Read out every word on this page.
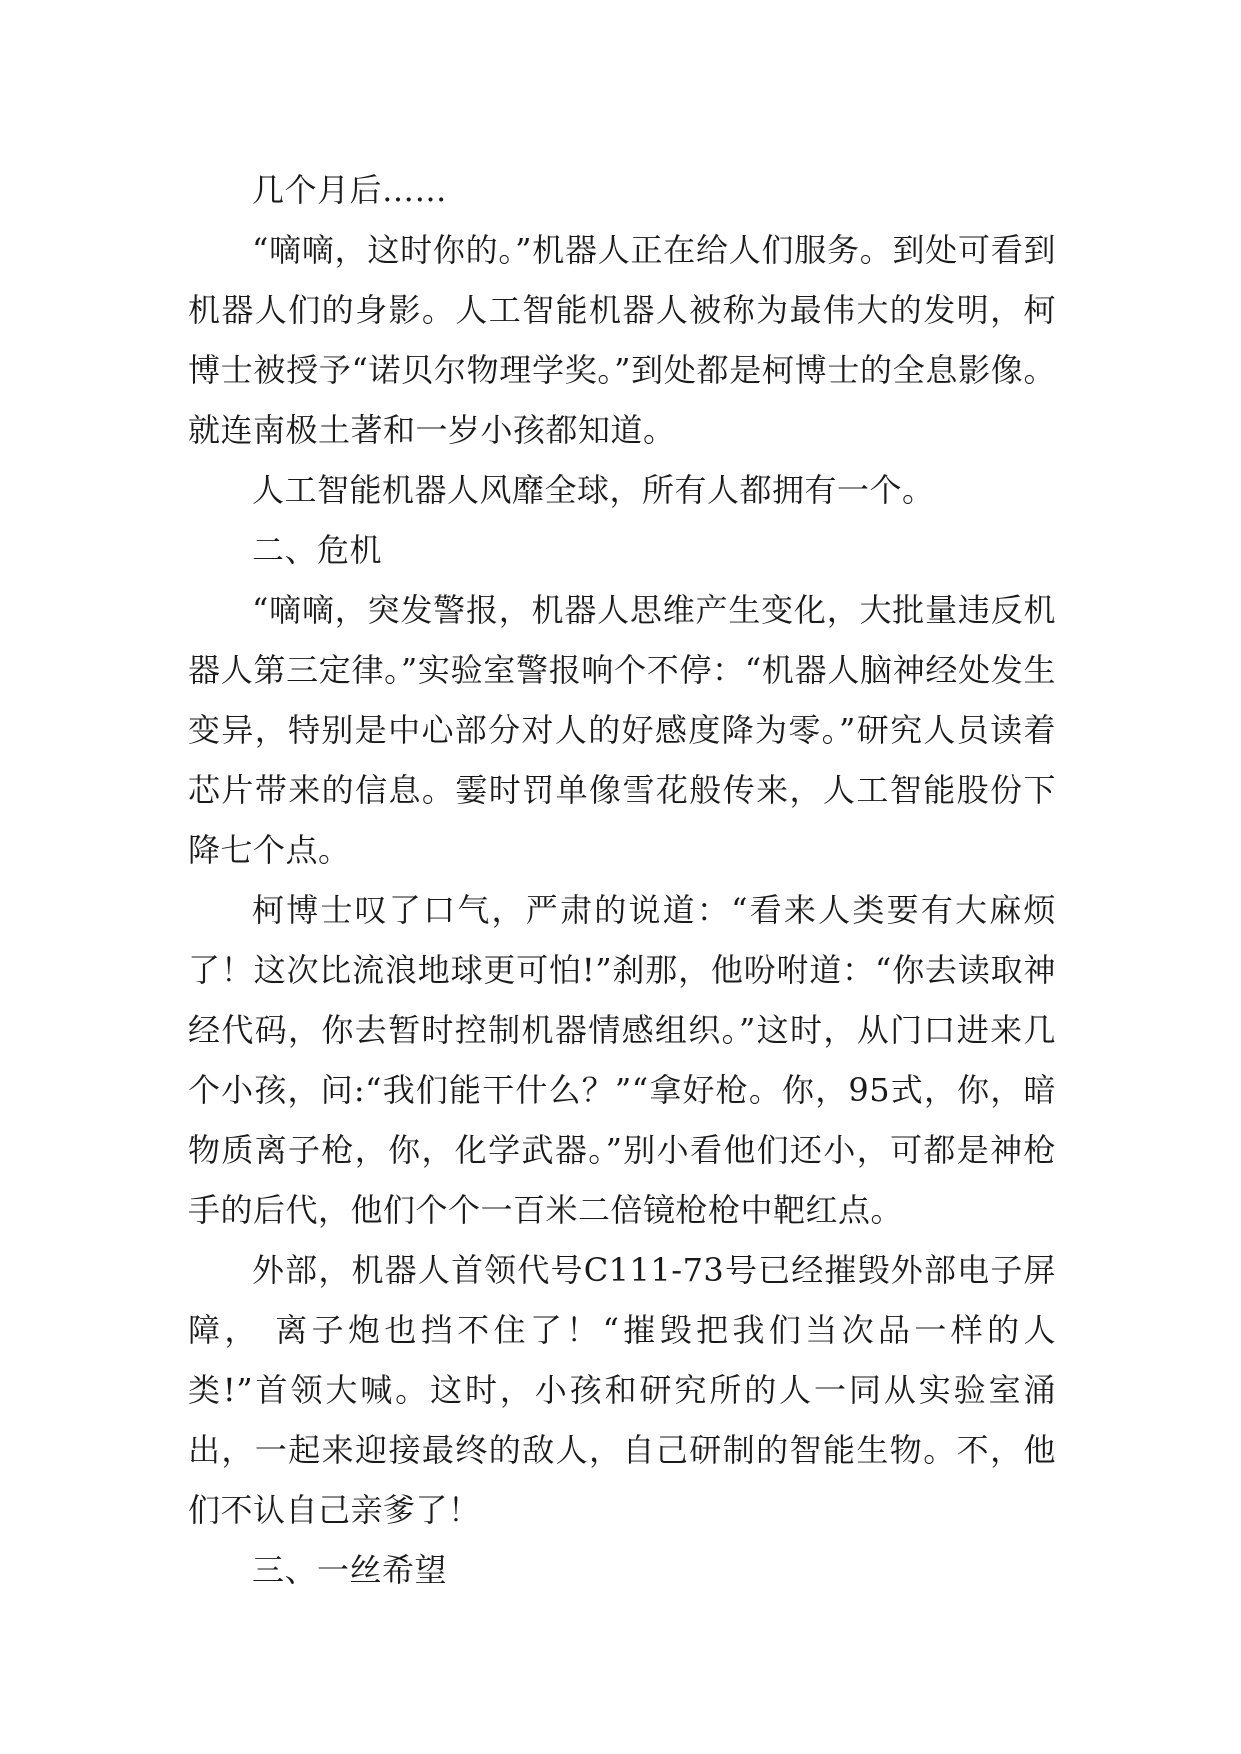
几个月后……

“嘀嘀，这时你的。”机器人正在给人们服务。到处可看到机器人们的身影。人工智能机器人被称为最伟大的发明，柯博士被授予“诺贝尔物理学奖。”到处都是柯博士的全息影像。就连南极土著和一岁小孩都知道。

人工智能机器人风靡全球，所有人都拥有一个。

二、危机

“嘀嘀，突发警报，机器人思维产生变化，大批量违反机器人第三定律。”实验室警报响个不停：“机器人脑神经处发生变异，特别是中心部分对人的好感度降为零。”研究人员读着芯片带来的信息。霎时罚单像雪花般传来，人工智能股份下降七个点。

柯博士叹了口气，严肃的说道：“看来人类要有大麻烦了！这次比流浪地球更可怕!”刹那，他吩咐道：“你去读取神经代码，你去暂时控制机器情感组织。”这时，从门口进来几个小孩，问:“我们能干什么？”“拿好枪。你，95式，你，暗物质离子枪，你，化学武器。”别小看他们还小，可都是神枪手的后代，他们个个一百米二倍镜枪枪中靶红点。

外部，机器人首领代号C111-73号已经摧毁外部电子屏障， 离子炮也挡不住了！“摧毁把我们当次品一样的人类!”首领大喊。这时，小孩和研究所的人一同从实验室涌出，一起来迎接最终的敌人，自己研制的智能生物。不，他们不认自己亲爹了！

三、一丝希望
